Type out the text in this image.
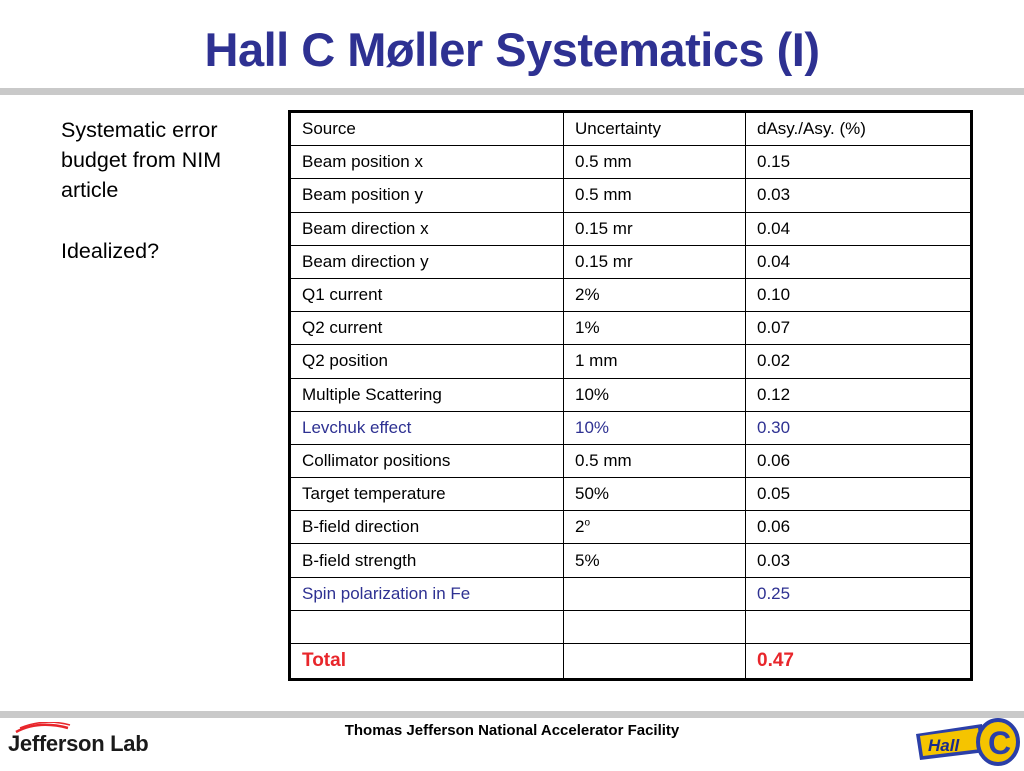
Hall C Møller Systematics (I)
Systematic error
budget from NIM
article
Idealized?
Source	Uncertainty	dAsy./Asy. (%)
Beam position x	0.5 mm	0.15
Beam position y	0.5 mm	0.03
Beam direction x	0.15 mr	0.04
Beam direction y	0.15 mr	0.04
Q1 current	2%	0.10
Q2 current	1%	0.07
Q2 position	1 mm	0.02
Multiple Scattering	10%	0.12
Levchuk effect	10%	0.30
Collimator positions	0.5 mm	0.06
Target temperature	50%	0.05
B-field direction	2$^o$	0.06
B-field strength	5%	0.03
Spin polarization in Fe		0.25

Total		0.47
Jefferson Lab
Thomas Jefferson National Accelerator Facility
Hall C
